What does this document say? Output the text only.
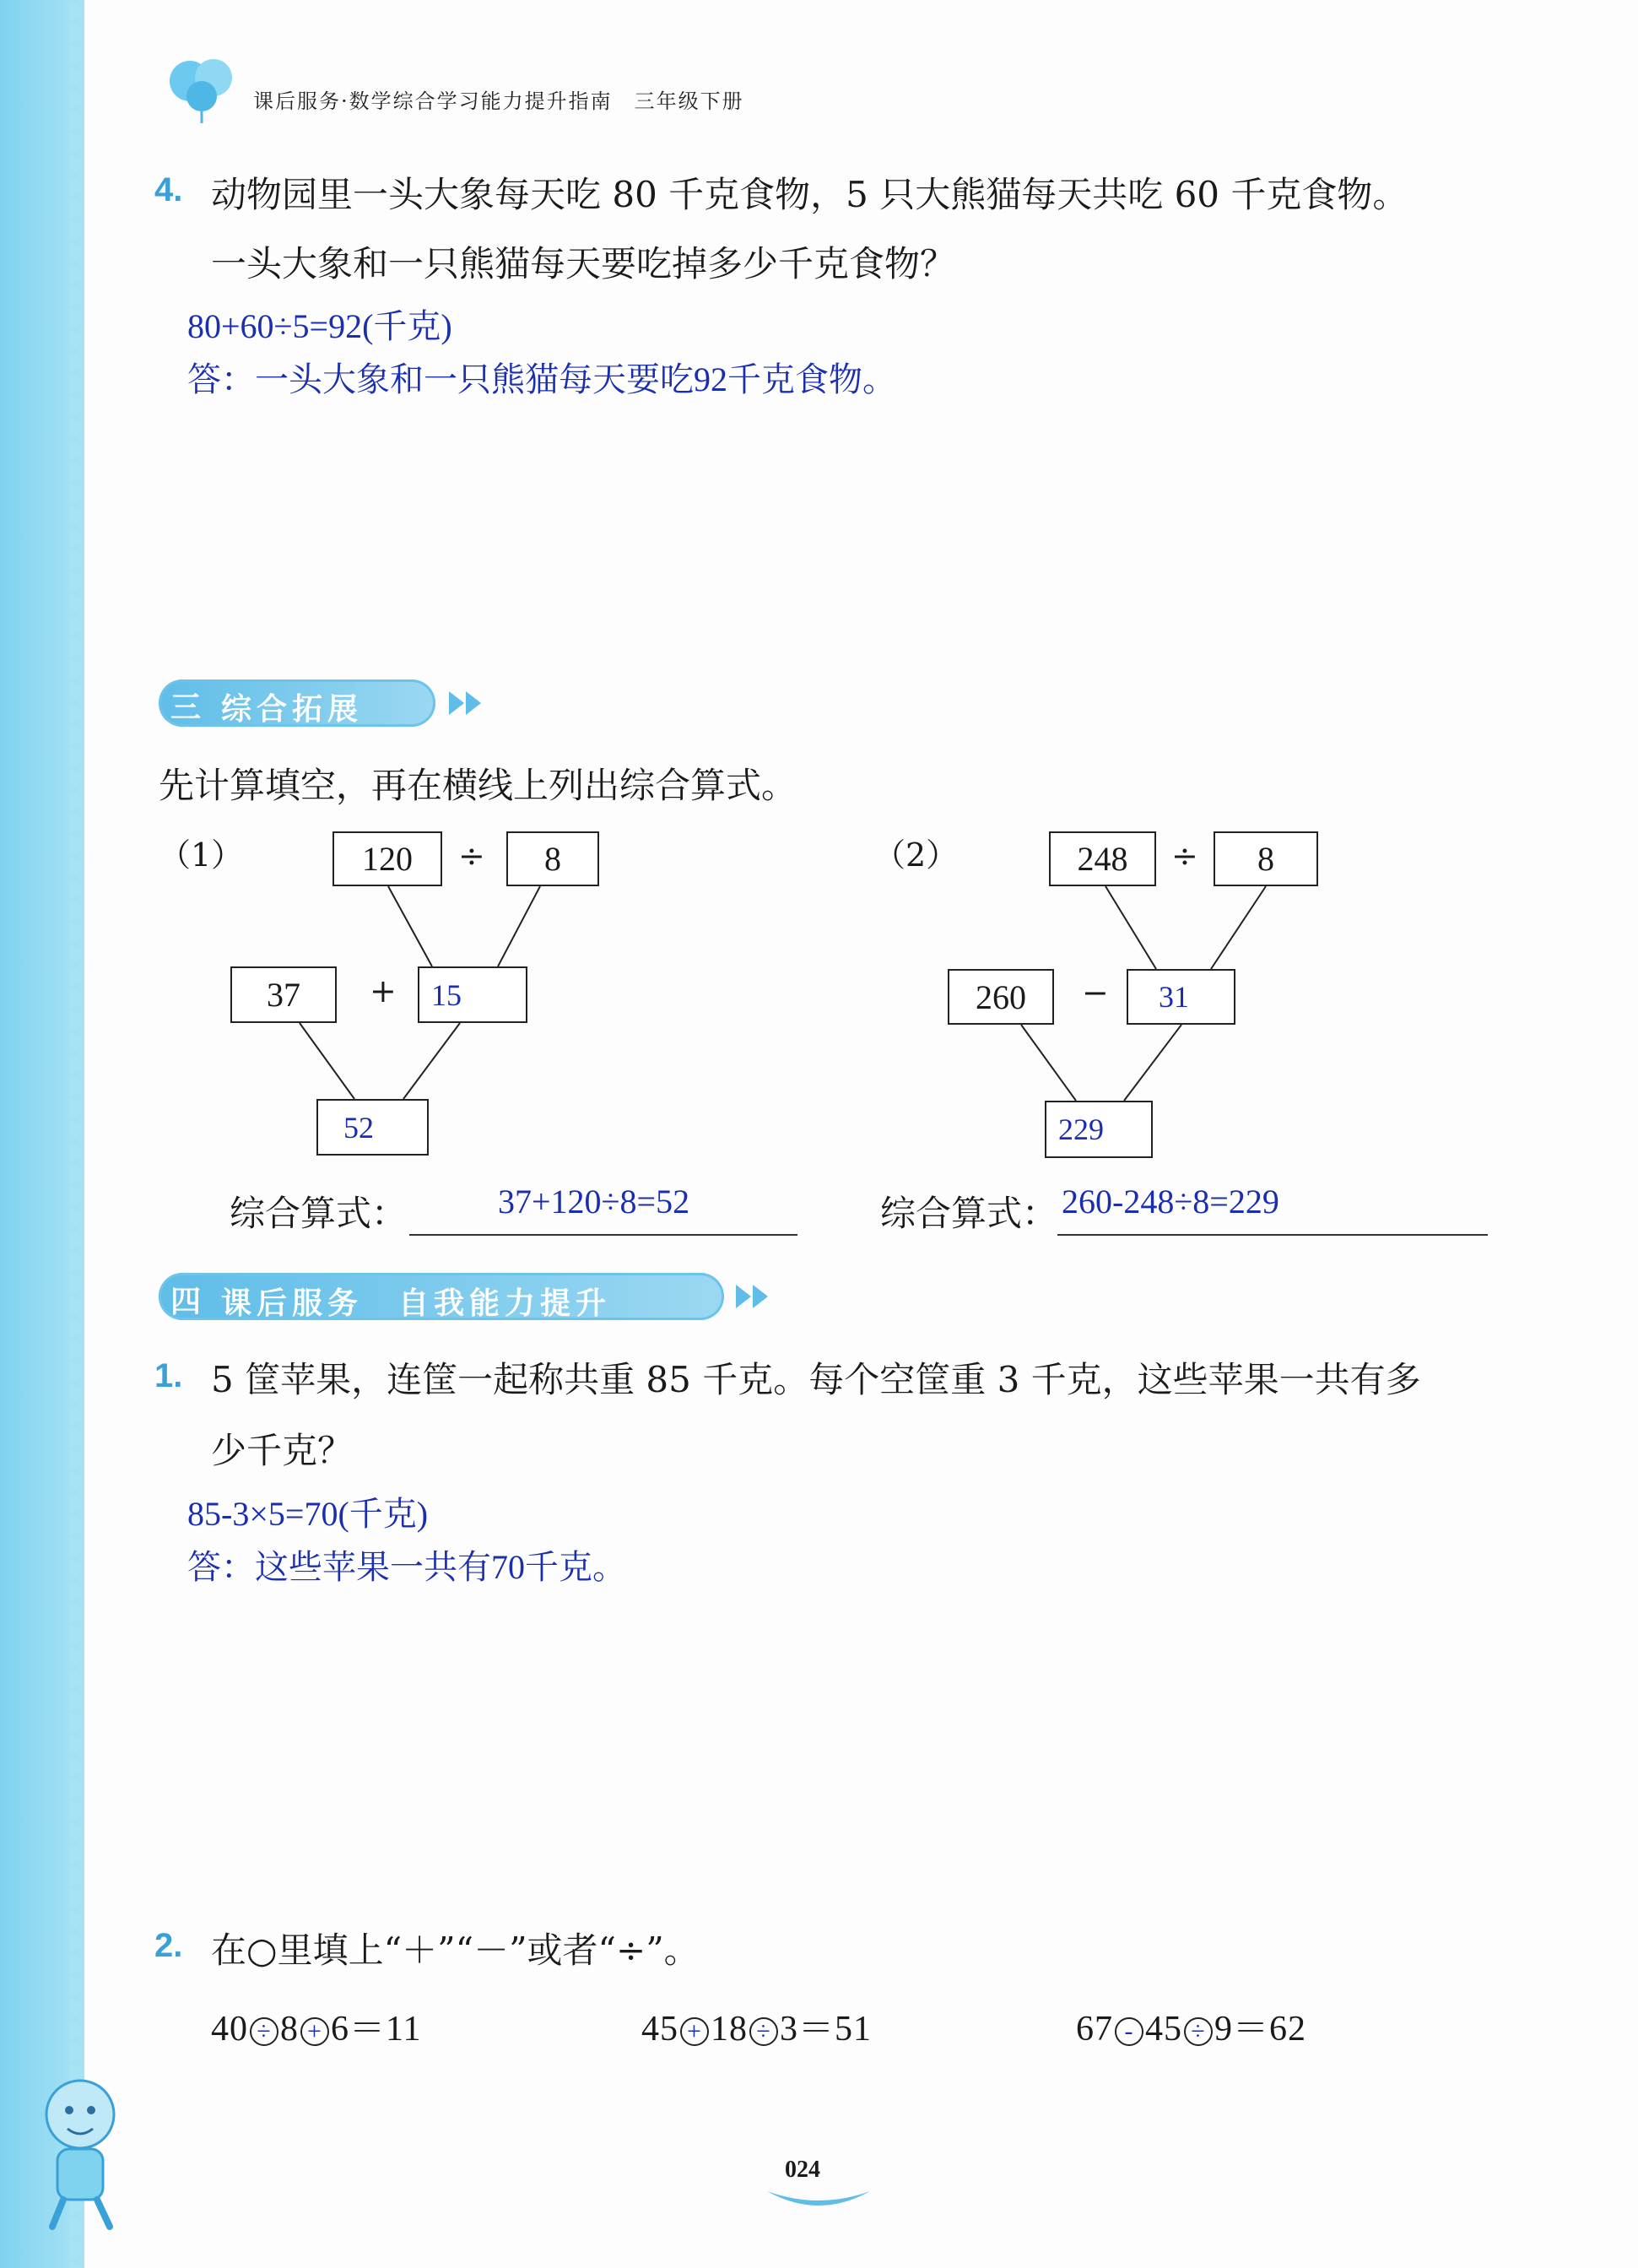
课后服务·数学综合学习能力提升指南　 三年级下册
4. 动物园里一头大象每天吃 80 千克食物，5 只大熊猫每天共吃 60 千克食物。
一头大象和一只熊猫每天要吃掉多少千克食物？
80+60÷5=92(千克)
答：一头大象和一只熊猫每天要吃92千克食物。
三 综合拓展
先计算填空，再在横线上列出综合算式。
（1）	120	÷	8
37	+	15
52
综合算式：	37+120÷8=52
（2）	248	÷	8
260	−	31
229
综合算式： 260-248÷8=229
四 课后服务　自我能力提升
1. 5 筐苹果，连筐一起称共重 85 千克。每个空筐重 3 千克，这些苹果一共有多
少千克？
85-3×5=70(千克)
答：这些苹果一共有70千克。
2. 在○里填上“＋”“－”或者“÷”。
40 ÷ 8 + 6＝11	45 + 18 ÷ 3＝51	67 - 45 ÷ 9＝62
024
